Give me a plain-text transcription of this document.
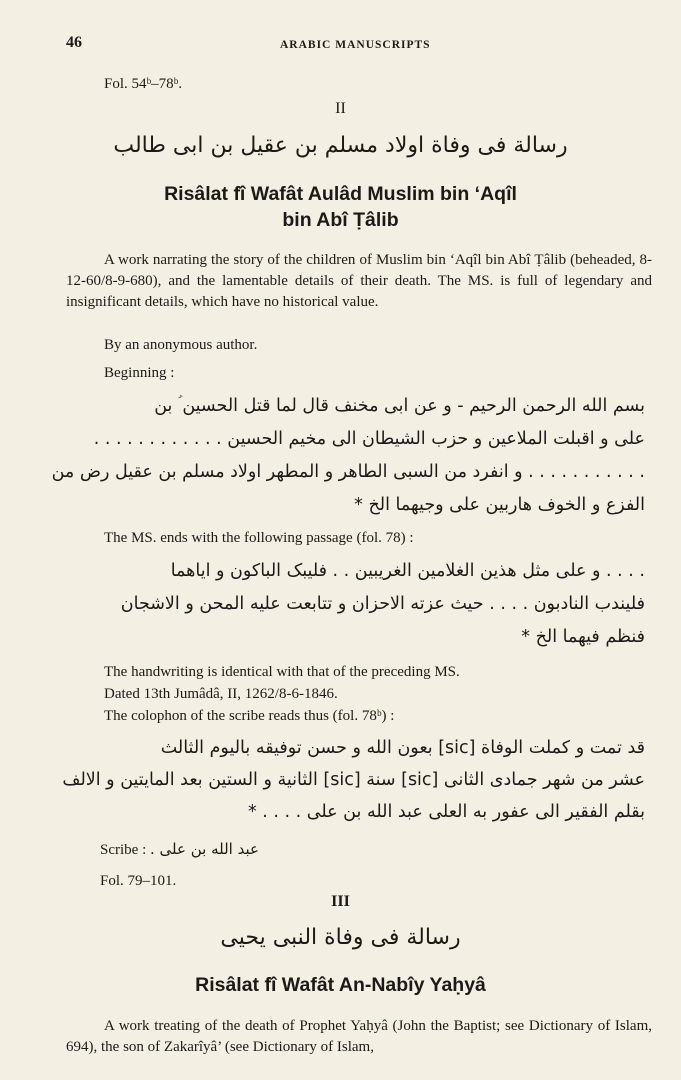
46	ARABIC MANUSCRIPTS
Fol. 54ᵇ–78ᵇ.
II
رسالة فی وفاة اولاد مسلم بن عقیل بن ابی طالب
Risâlat fî Wafât Aulâd Muslim bin ‘Aqîl
bin Abî Ṭâlib
A work narrating the story of the children of Muslim bin ‘Aqîl bin Abî Ṭâlib (beheaded, 8-12-60/8-9-680), and the lamentable details of their death. The MS. is full of legendary and insignificant details, which have no historical value.
By an anonymous author.
Beginning :
بسم الله الرحمن الرحیم - و عن ابی مخنف قال لما قتل الحسین ؑ بن
علی و اقبلت الملاعین و حزب الشیطان الی مخیم الحسین . . . . . . . . . . . .
. . . . . . . . . . . و انفرد من السبی الطاهر و المطهر اولاد مسلم بن عقیل رض من
الفزع و الخوف هاربین علی وجیهما الخ *
The MS. ends with the following passage (fol. 78) :
. . . . و علی مثل هذین الغلامین الغریبین . . فلیبک الباکون و ایاهما
فلیندب النادبون . . . . حیث عزته الاحزان و تتابعت علیه المحن و الاشجان
فنظم فیهما الخ *
The handwriting is identical with that of the preceding MS.
Dated 13th Jumâdâ, II, 1262/8-6-1846.
The colophon of the scribe reads thus (fol. 78ᵇ) :
قد تمت و کملت الوفاة [sic] بعون الله و حسن توفیقه بالیوم الثالث
عشر من شهر جمادی الثانی [sic] سنة [sic] الثانیة و الستین بعد المایتین و الالف
بقلم الفقیر الی عفور به العلی عبد الله بن علی . . . . *
Scribe : عبد الله بن علی .
Fol. 79–101.
III
رسالة فی وفاة النبی یحیی
Risâlat fî Wafât An-Nabîy Yaḥyâ
A work treating of the death of Prophet Yaḥyâ (John the Baptist; see Dictionary of Islam, 694), the son of Zakarîyâ’ (see Dictionary of Islam,
